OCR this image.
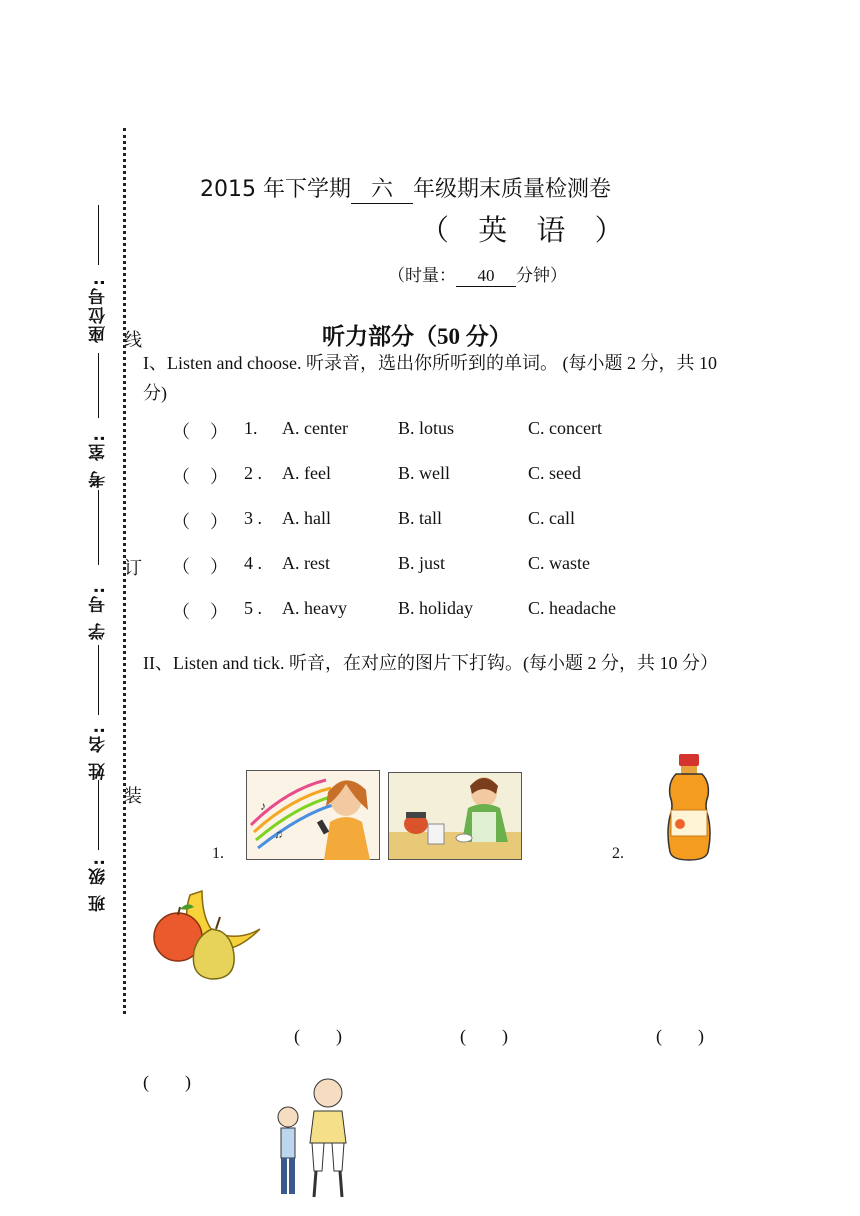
座位号:
考 室:
学 号:
姓 名:
班 级:
线
订
装
2015 年下学期 六 年级期末质量检测卷
（ 英 语 ）
（时量： 40 分钟）
听力部分（50 分）
I、Listen and choose. 听录音，选出你所听到的单词。 (每小题 2 分，共 10 分)
（ ） 1. A. center	B. lotus	C. concert
（ ） 2 . A. feel	B. well	C. seed
（ ） 3 . A. hall	B. tall	C. call
（ ） 4 . A. rest	B. just	C. waste
（ ） 5 . A. heavy	B. holiday	C. headache
II、Listen and tick. 听音，在对应的图片下打钩。(每小题 2 分，共 10 分）
1.	2.
♪
♫
(　　)	(　　)	(　　)
(　　)
